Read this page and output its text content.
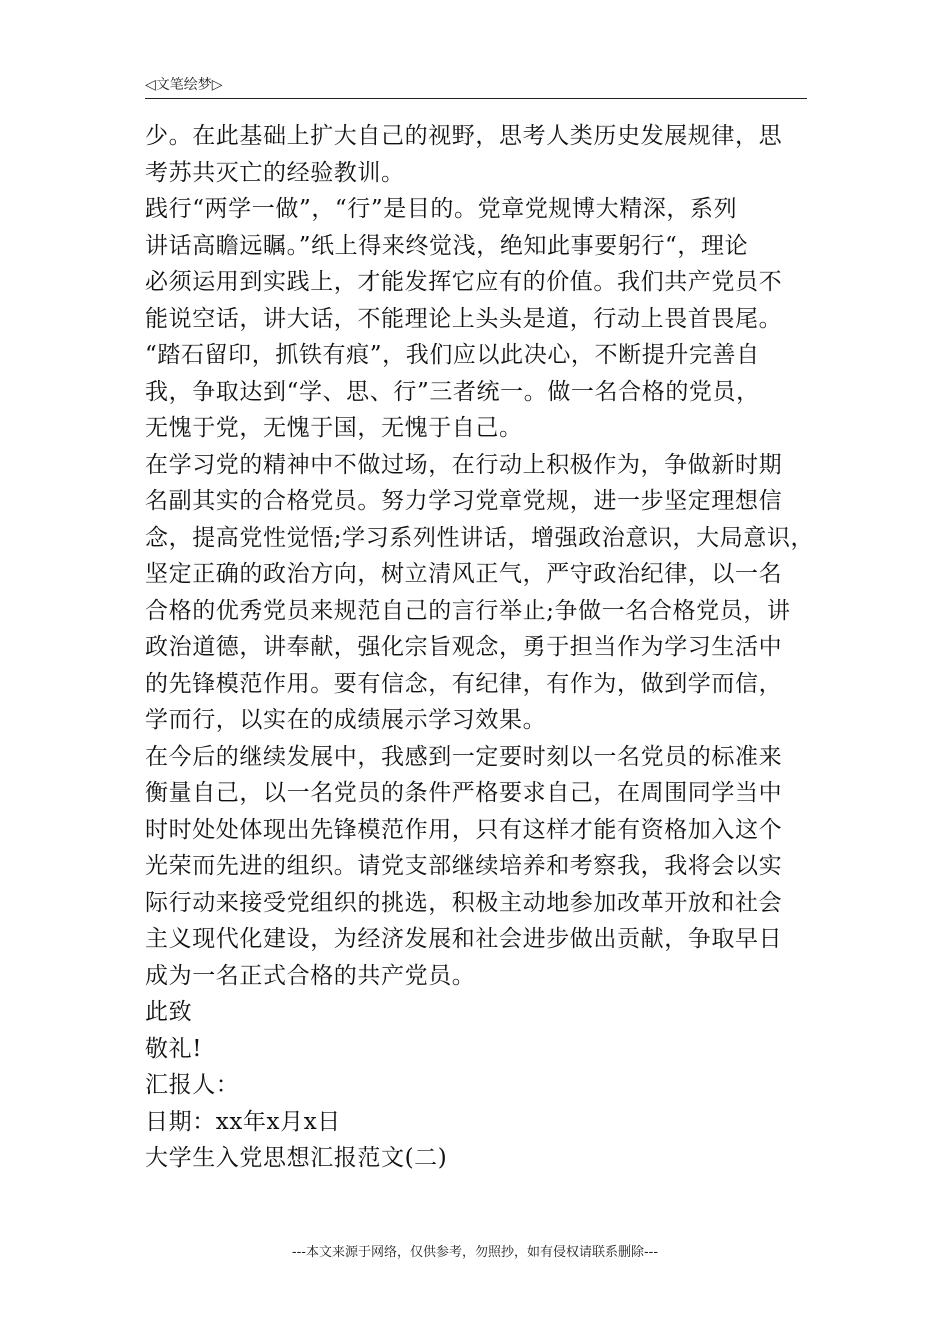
◁ 文笔绘梦 ▷

少。在此基础上扩大自己的视野，思考人类历史发展规律，思

考苏共灭亡的经验教训。

践行“两学一做”，“行”是目的。党章党规博大精深，系列

讲话高瞻远瞩。”纸上得来终觉浅，绝知此事要躬行“，理论

必须运用到实践上，才能发挥它应有的价值。我们共产党员不

能说空话，讲大话，不能理论上头头是道，行动上畏首畏尾。

“踏石留印，抓铁有痕”，我们应以此决心，不断提升完善自

我，争取达到“学、思、行”三者统一。做一名合格的党员，

无愧于党，无愧于国，无愧于自己。

在学习党的精神中不做过场，在行动上积极作为，争做新时期

名副其实的合格党员。努力学习党章党规，进一步坚定理想信

念，提高党性觉悟;学习系列性讲话，增强政治意识，大局意识，

坚定正确的政治方向，树立清风正气，严守政治纪律，以一名

合格的优秀党员来规范自己的言行举止;争做一名合格党员，讲

政治道德，讲奉献，强化宗旨观念，勇于担当作为学习生活中

的先锋模范作用。要有信念，有纪律，有作为，做到学而信，

学而行，以实在的成绩展示学习效果。

在今后的继续发展中，我感到一定要时刻以一名党员的标准来

衡量自己，以一名党员的条件严格要求自己，在周围同学当中

时时处处体现出先锋模范作用，只有这样才能有资格加入这个

光荣而先进的组织。请党支部继续培养和考察我，我将会以实

际行动来接受党组织的挑选，积极主动地参加改革开放和社会

主义现代化建设，为经济发展和社会进步做出贡献，争取早日

成为一名正式合格的共产党员。

此致

敬礼!

汇报人：

日期：xx年x月x日

大学生入党思想汇报范文(二)

---本文来源于网络，仅供参考，勿照抄，如有侵权请联系删除---
